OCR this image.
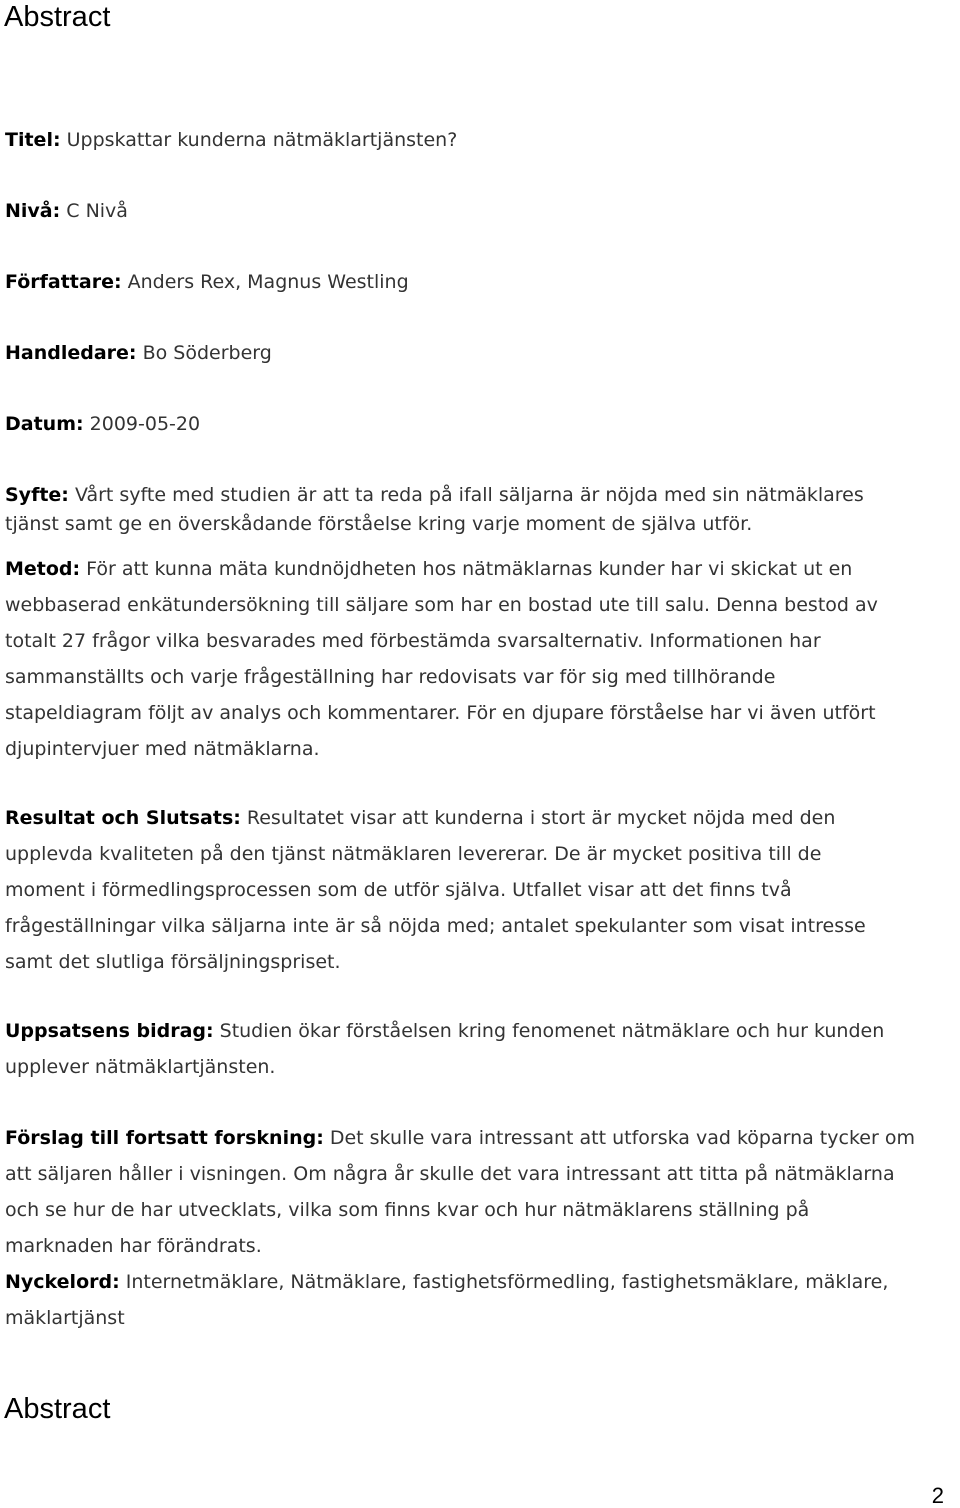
Abstract
Titel: Uppskattar kunderna nätmäklartjänsten?
Nivå: C Nivå
Författare: Anders Rex, Magnus Westling
Handledare: Bo Söderberg
Datum: 2009-05-20
Syfte: Vårt syfte med studien är att ta reda på ifall säljarna är nöjda med sin nätmäklares
tjänst samt ge en överskådande förståelse kring varje moment de själva utför.
Metod: För att kunna mäta kundnöjdheten hos nätmäklarnas kunder har vi skickat ut en
webbaserad enkätundersökning till säljare som har en bostad ute till salu. Denna bestod av
totalt 27 frågor vilka besvarades med förbestämda svarsalternativ. Informationen har
sammanställts och varje frågeställning har redovisats var för sig med tillhörande
stapeldiagram följt av analys och kommentarer. För en djupare förståelse har vi även utfört
djupintervjuer med nätmäklarna.
Resultat och Slutsats: Resultatet visar att kunderna i stort är mycket nöjda med den
upplevda kvaliteten på den tjänst nätmäklaren levererar. De är mycket positiva till de
moment i förmedlingsprocessen som de utför själva. Utfallet visar att det finns två
frågeställningar vilka säljarna inte är så nöjda med; antalet spekulanter som visat intresse
samt det slutliga försäljningspriset.
Uppsatsens bidrag: Studien ökar förståelsen kring fenomenet nätmäklare och hur kunden
upplever nätmäklartjänsten.
Förslag till fortsatt forskning: Det skulle vara intressant att utforska vad köparna tycker om
att säljaren håller i visningen. Om några år skulle det vara intressant att titta på nätmäklarna
och se hur de har utvecklats, vilka som finns kvar och hur nätmäklarens ställning på
marknaden har förändrats.
Nyckelord: Internetmäklare, Nätmäklare, fastighetsförmedling, fastighetsmäklare, mäklare,
mäklartjänst
Abstract
2
